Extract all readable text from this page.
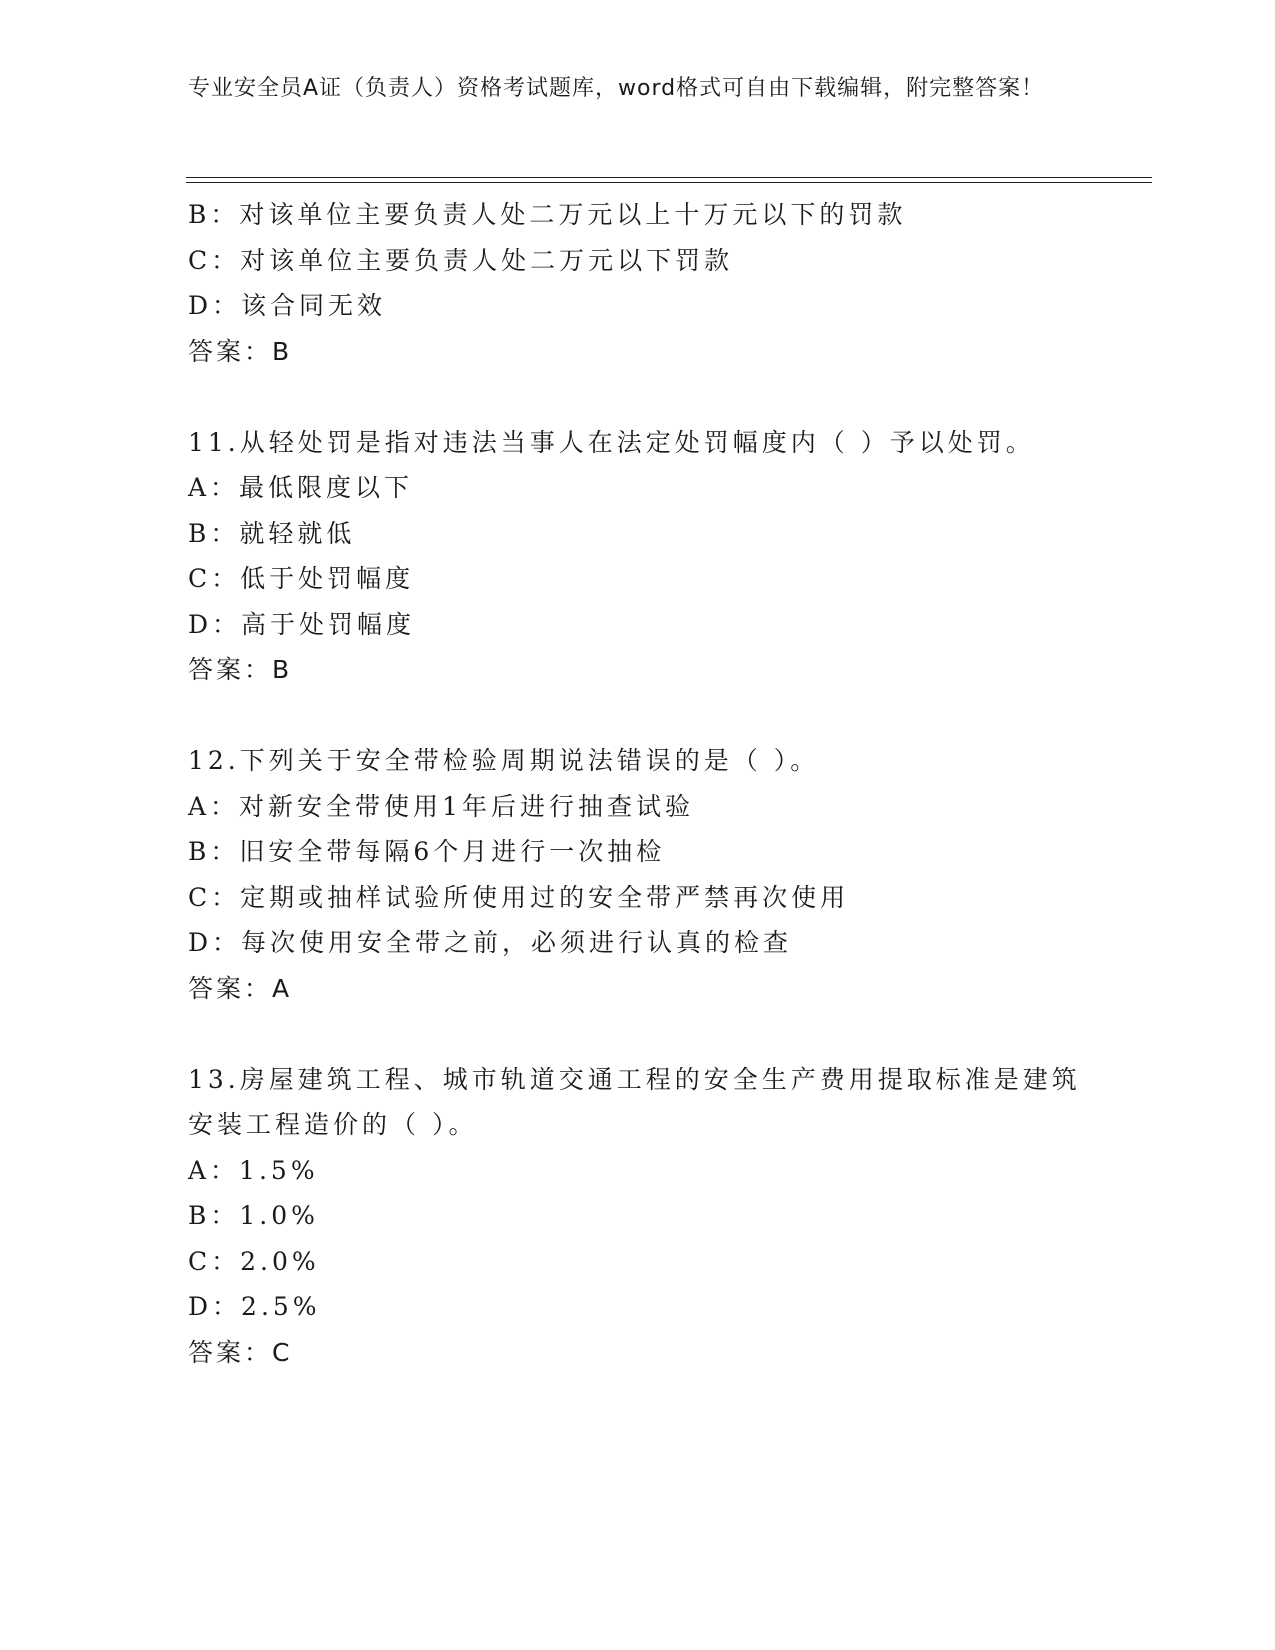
专业安全员A证（负责人）资格考试题库，word格式可自由下载编辑，附完整答案！
B：对该单位主要负责人处二万元以上十万元以下的罚款
C：对该单位主要负责人处二万元以下罚款
D：该合同无效
答案：B
11.从轻处罚是指对违法当事人在法定处罚幅度内（ ）予以处罚。
A：最低限度以下
B：就轻就低
C：低于处罚幅度
D：高于处罚幅度
答案：B
12.下列关于安全带检验周期说法错误的是（ ）。
A：对新安全带使用1年后进行抽查试验
B：旧安全带每隔6个月进行一次抽检
C：定期或抽样试验所使用过的安全带严禁再次使用
D：每次使用安全带之前，必须进行认真的检查
答案：A
13.房屋建筑工程、城市轨道交通工程的安全生产费用提取标准是建筑
安装工程造价的（ ）。
A：1.5%
B：1.0%
C：2.0%
D：2.5%
答案：C
